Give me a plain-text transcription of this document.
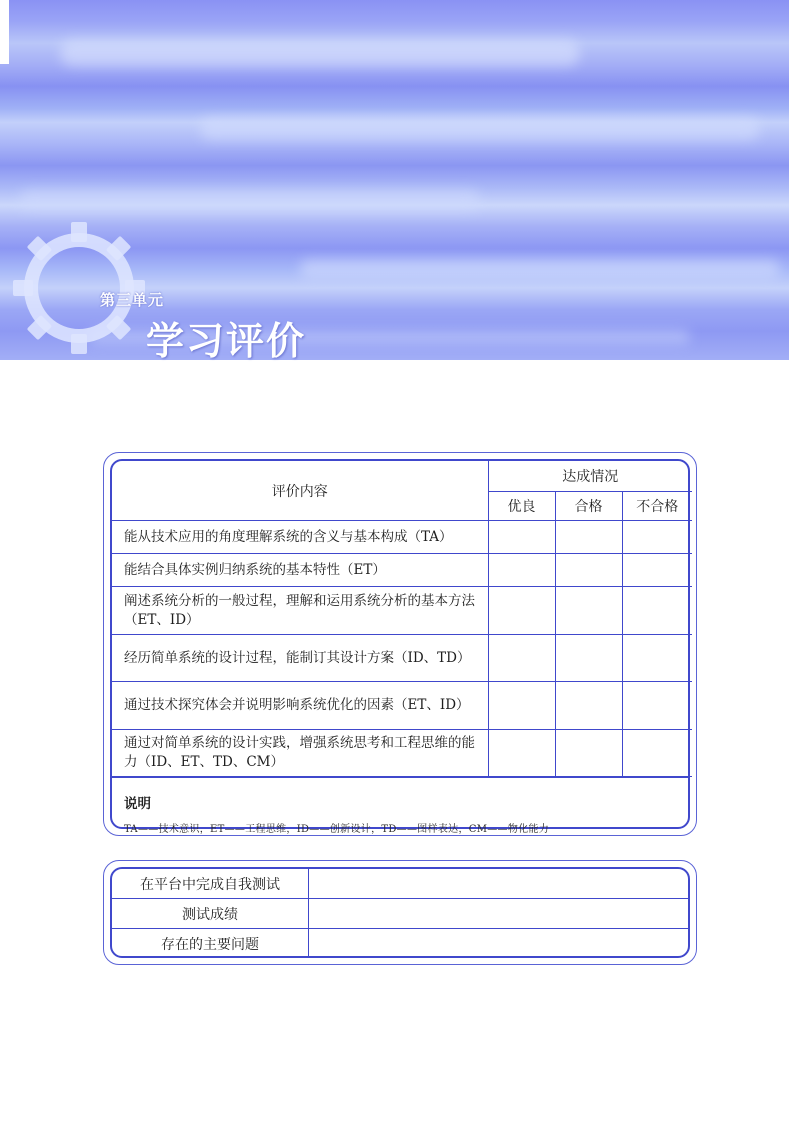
第三单元
学习评价
评价内容	达成情况		
	优良	合格	不合格
能从技术应用的角度理解系统的含义与基本构成（TA）			
能结合具体实例归纳系统的基本特性（ET）			
阐述系统分析的一般过程，理解和运用系统分析的基本方法（ET、ID）			
经历简单系统的设计过程，能制订其设计方案（ID、TD）			
通过技术探究体会并说明影响系统优化的因素（ET、ID）			
通过对简单系统的设计实践，增强系统思考和工程思维的能力（ID、ET、TD、CM）			
说明
TA——技术意识，ET——工程思维，ID——创新设计，TD——图样表达，CM——物化能力
在平台中完成自我测试	
测试成绩	
存在的主要问题	
